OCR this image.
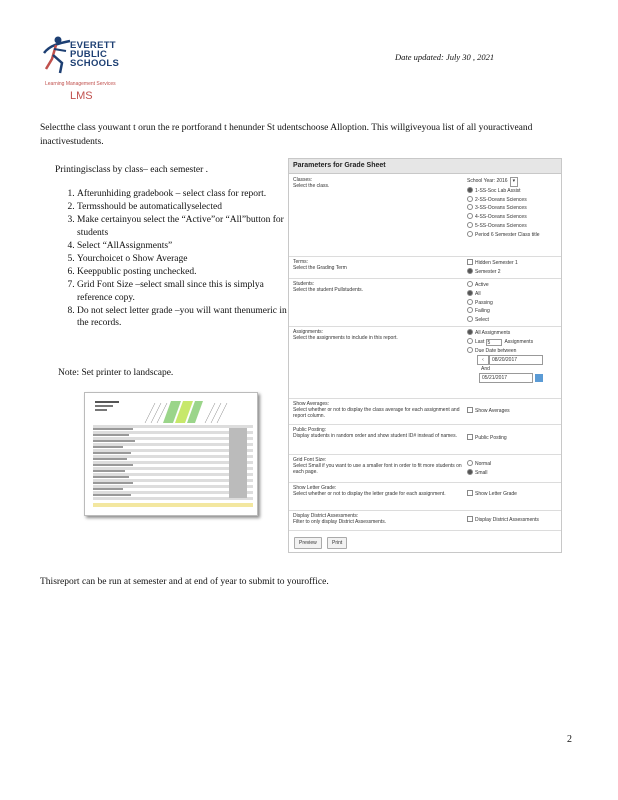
EVERETT
PUBLIC
SCHOOLS
Learning Management Services
LMS
Date updated: July 30 , 2021
Selectthe class youwant t orun the re portforand t henunder St udentschoose Alloption. This willgiveyoua list of all youractiveand inactivestudents.
Printingisclass by class– each semester .
1. Afterunhiding gradebook – select class for report.
2. Termsshould be automaticallyselected
3. Make certainyou select the “Active”or “All”button for students
4. Select “AllAssignments”
5. Yourchoicet o Show Average
6. Keeppublic posting unchecked.
7. Grid Font Size –select small since this is simplya reference copy.
8. Do not select letter grade –you will want thenumeric in the records.
Note: Set printer to landscape.
Parameters for Grade Sheet
Classes:
Select the class.
School Year: 2016 ▾
1-SS-Soc Lab Assist
2-SS-Oceans Sciences
3-SS-Oceans Sciences
4-SS-Oceans Sciences
5-SS-Oceans Sciences
Period 6 Semester Class title
Terms:
Select the Grading Term
Hidden Semester 1
Semester 2
Students:
Select the student Pullstudents.
Active
All
Passing
Failing
Select
Assignments:
Select the assignments to include in this report.
All Assignments
Last 5	Assignments
Due Date between
‹ 08/20/2017
And
05/21/2017
Show Averages:
Select whether or not to display the class average for each assignment and report column.
Show Averages
Public Posting:
Display students in random order and show student ID# instead of names.	Public Posting
Grid Font Size:
Select Small if you want to use a smaller font in order to fit more students on each page.
Normal
Small
Show Letter Grade:
Select whether or not to display the letter grade for each assignment.	Show Letter Grade
Display District Assessments:
Filter to only display District Assessments.	Display District Assessments
Preview	Print
Thisreport can be run at semester and at end of year to submit to youroffice.
2
